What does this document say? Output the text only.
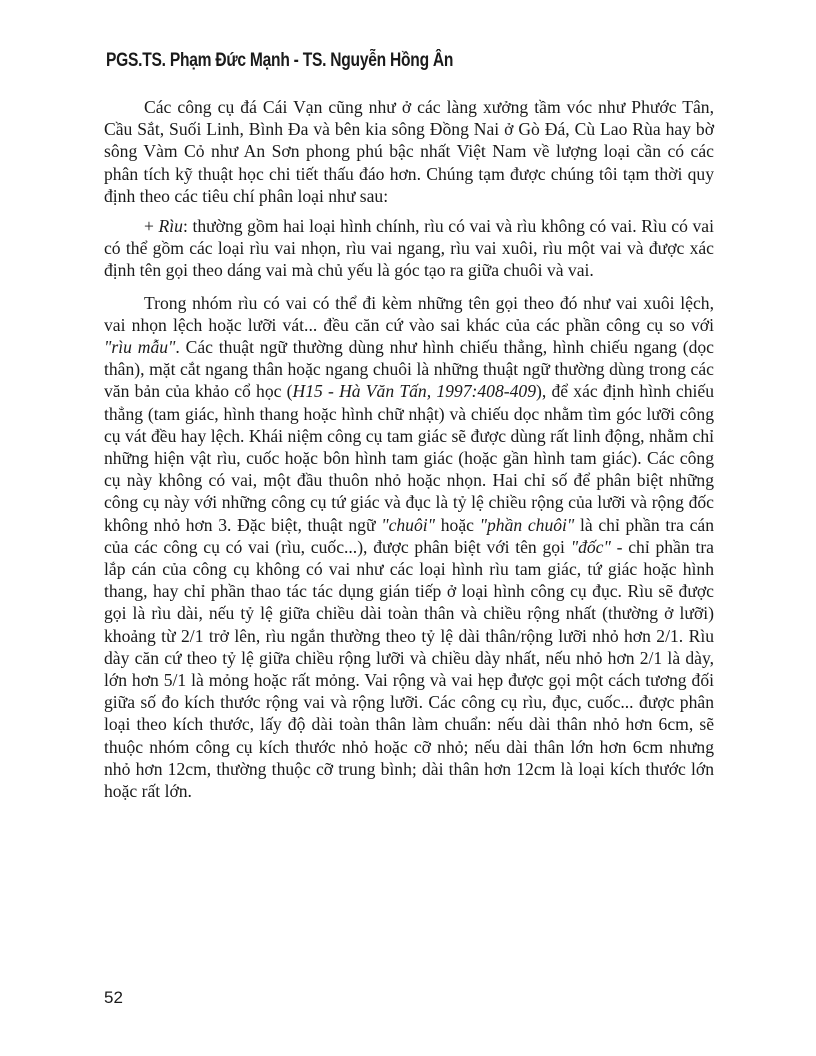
PGS.TS. Phạm Đức Mạnh - TS. Nguyễn Hồng Ân

Các công cụ đá Cái Vạn cũng như ở các làng xưởng tầm vóc như Phước Tân, Cầu Sắt, Suối Linh, Bình Đa và bên kia sông Đồng Nai ở Gò Đá, Cù Lao Rùa hay bờ sông Vàm Cỏ như An Sơn phong phú bậc nhất Việt Nam về lượng loại cần có các phân tích kỹ thuật học chi tiết thấu đáo hơn. Chúng tạm được chúng tôi tạm thời quy định theo các tiêu chí phân loại như sau:

+ Rìu: thường gồm hai loại hình chính, rìu có vai và rìu không có vai. Rìu có vai có thể gồm các loại rìu vai nhọn, rìu vai ngang, rìu vai xuôi, rìu một vai và được xác định tên gọi theo dáng vai mà chủ yếu là góc tạo ra giữa chuôi và vai.

Trong nhóm rìu có vai có thể đi kèm những tên gọi theo đó như vai xuôi lệch, vai nhọn lệch hoặc lưỡi vát... đều căn cứ vào sai khác của các phần công cụ so với "rìu mẫu". Các thuật ngữ thường dùng như hình chiếu thẳng, hình chiếu ngang (dọc thân), mặt cắt ngang thân hoặc ngang chuôi là những thuật ngữ thường dùng trong các văn bản của khảo cổ học (H15 - Hà Văn Tấn, 1997:408-409), để xác định hình chiếu thẳng (tam giác, hình thang hoặc hình chữ nhật) và chiếu dọc nhằm tìm góc lưỡi công cụ vát đều hay lệch. Khái niệm công cụ tam giác sẽ được dùng rất linh động, nhằm chỉ những hiện vật rìu, cuốc hoặc bôn hình tam giác (hoặc gần hình tam giác). Các công cụ này không có vai, một đầu thuôn nhỏ hoặc nhọn. Hai chỉ số để phân biệt những công cụ này với những công cụ tứ giác và đục là tỷ lệ chiều rộng của lưỡi và rộng đốc không nhỏ hơn 3. Đặc biệt, thuật ngữ "chuôi" hoặc "phần chuôi" là chỉ phần tra cán của các công cụ có vai (rìu, cuốc...), được phân biệt với tên gọi "đốc" - chỉ phần tra lắp cán của công cụ không có vai như các loại hình rìu tam giác, tứ giác hoặc hình thang, hay chỉ phần thao tác tác dụng gián tiếp ở loại hình công cụ đục. Rìu sẽ được gọi là rìu dài, nếu tỷ lệ giữa chiều dài toàn thân và chiều rộng nhất (thường ở lưỡi) khoảng từ 2/1 trở lên, rìu ngắn thường theo tỷ lệ dài thân/rộng lưỡi nhỏ hơn 2/1. Rìu dày căn cứ theo tỷ lệ giữa chiều rộng lưỡi và chiều dày nhất, nếu nhỏ hơn 2/1 là dày, lớn hơn 5/1 là mỏng hoặc rất mỏng. Vai rộng và vai hẹp được gọi một cách tương đối giữa số đo kích thước rộng vai và rộng lưỡi. Các công cụ rìu, đục, cuốc... được phân loại theo kích thước, lấy độ dài toàn thân làm chuẩn: nếu dài thân nhỏ hơn 6cm, sẽ thuộc nhóm công cụ kích thước nhỏ hoặc cỡ nhỏ; nếu dài thân lớn hơn 6cm nhưng nhỏ hơn 12cm, thường thuộc cỡ trung bình; dài thân hơn 12cm là loại kích thước lớn hoặc rất lớn.

52
